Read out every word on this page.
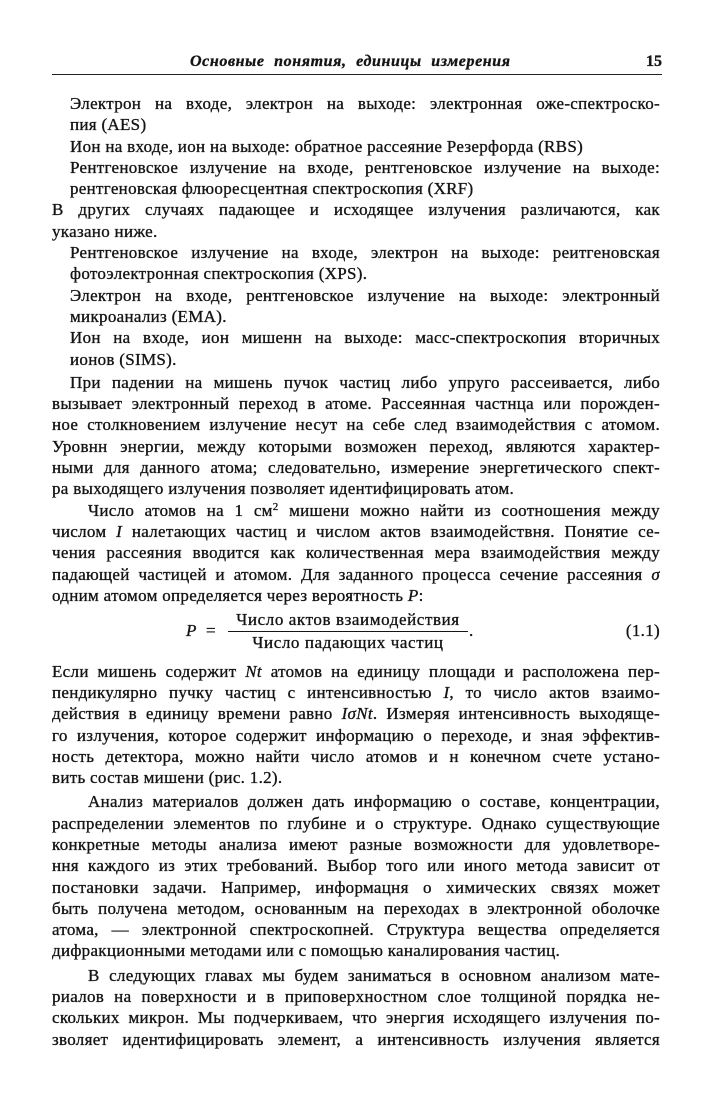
Основные понятия, единицы измерения	15
Электрон на входе, электрон на выходе: электронная оже-спектроско-
пия (AES)
Ион на входе, ион на выходе: обратное рассеяние Резерфорда (RBS)
Рентгеновское излучение на входе, рентгеновское излучение на выходе:
рентгеновская флюоресцентная спектроскопия (XRF)
В других случаях падающее и исходящее излучения различаются, как
указано ниже.
Рентгеновское излучение на входе, электрон на выходе: реитгеновская
фотоэлектронная спектроскопия (XPS).
Электрон на входе, рентгеновское излучение на выходе: электронный
микроанализ (EMA).
Ион на входе, ион мишенн на выходе: масс-спектроскопия вторичных
ионов (SIMS).
При падении на мишень пучок частиц либо упруго рассеивается, либо
вызывает электронный переход в атоме. Рассеянная частнца или порожден-
ное столкновением излучение несут на себе след взаимодействия с атомом.
Уровнн энергии, между которыми возможен переход, являются характер-
ными для данного атома; следовательно, измерение энергетического спект-
ра выходящего излучения позволяет идентифицировать атом.
Число атомов на 1 $см^2$ мишени можно найти из соотношения между
числом I налетающих частиц и числом актов взаимодействня. Понятие се-
чения рассеяния вводится как количественная мера взаимодействия между
падающей частицей и атомом. Для заданного процесса сечение рассеяния σ
одним атомом определяется через вероятность P:
P =
Число актов взаимодействия
Число падающих частиц
.	(1.1)
Если мишень содержит Nt атомов на единицу площади и расположена пер-
пендикулярно пучку частиц с интенсивностью I, то число актов взаимо-
действия в единицу времени равно IσNt. Измеряя интенсивность выходяще-
го излучения, которое содержит информацию о переходе, и зная эффектив-
ность детектора, можно найти число атомов и н конечном счете устано-
вить состав мишени (рис. 1.2).
Анализ материалов должен дать информацию о составе, концентрации,
распределении элементов по глубине и о структуре. Однако существующие
конкретные методы анализа имеют разные возможности для удовлетворе-
ння каждого из этих требований. Выбор того или иного метода зависит от
постановки задачи. Например, информацня о химических связях может
быть получена методом, основанным на переходах в электронной оболочке
атома, — электронной спектроскопней. Структура вещества определяется
дифракционными методами или с помощью каналирования частиц.
В следующих главах мы будем заниматься в основном анализом мате-
риалов на поверхности и в приповерхностном слое толщиной порядка не-
скольких микрон. Мы подчеркиваем, что энергия исходящего излучения по-
зволяет идентифицировать элемент, а интенсивность излучения является
